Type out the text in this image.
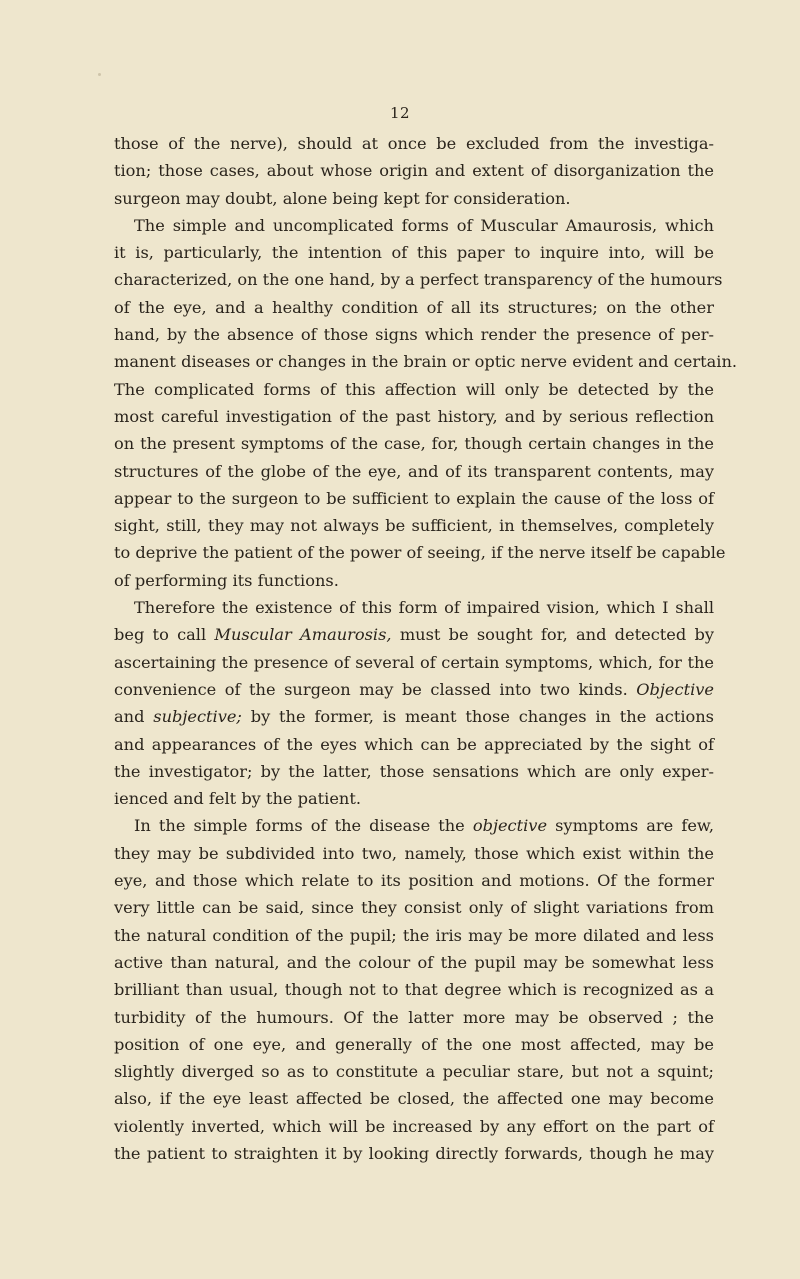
12
those of the nerve), should at once be excluded from the investiga-
tion; those cases, about whose origin and extent of disorganization the
surgeon may doubt, alone being kept for consideration.
The simple and uncomplicated forms of Muscular Amaurosis, which
it is, particularly, the intention of this paper to inquire into, will be
characterized, on the one hand, by a perfect transparency of the humours
of the eye, and a healthy condition of all its structures; on the other
hand, by the absence of those signs which render the presence of per-
manent diseases or changes in the brain or optic nerve evident and certain.
The complicated forms of this affection will only be detected by the
most careful investigation of the past history, and by serious reflection
on the present symptoms of the case, for, though certain changes in the
structures of the globe of the eye, and of its transparent contents, may
appear to the surgeon to be sufficient to explain the cause of the loss of
sight, still, they may not always be sufficient, in themselves, completely
to deprive the patient of the power of seeing, if the nerve itself be capable
of performing its functions.
Therefore the existence of this form of impaired vision, which I shall
beg to call Muscular Amaurosis, must be sought for, and detected by
ascertaining the presence of several of certain symptoms, which, for the
convenience of the surgeon may be classed into two kinds. Objective
and subjective; by the former, is meant those changes in the actions
and appearances of the eyes which can be appreciated by the sight of
the investigator; by the latter, those sensations which are only exper-
ienced and felt by the patient.
In the simple forms of the disease the objective symptoms are few,
they may be subdivided into two, namely, those which exist within the
eye, and those which relate to its position and motions. Of the former
very little can be said, since they consist only of slight variations from
the natural condition of the pupil; the iris may be more dilated and less
active than natural, and the colour of the pupil may be somewhat less
brilliant than usual, though not to that degree which is recognized as a
turbidity of the humours. Of the latter more may be observed ; the
position of one eye, and generally of the one most affected, may be
slightly diverged so as to constitute a peculiar stare, but not a squint;
also, if the eye least affected be closed, the affected one may become
violently inverted, which will be increased by any effort on the part of
the patient to straighten it by looking directly forwards, though he may
